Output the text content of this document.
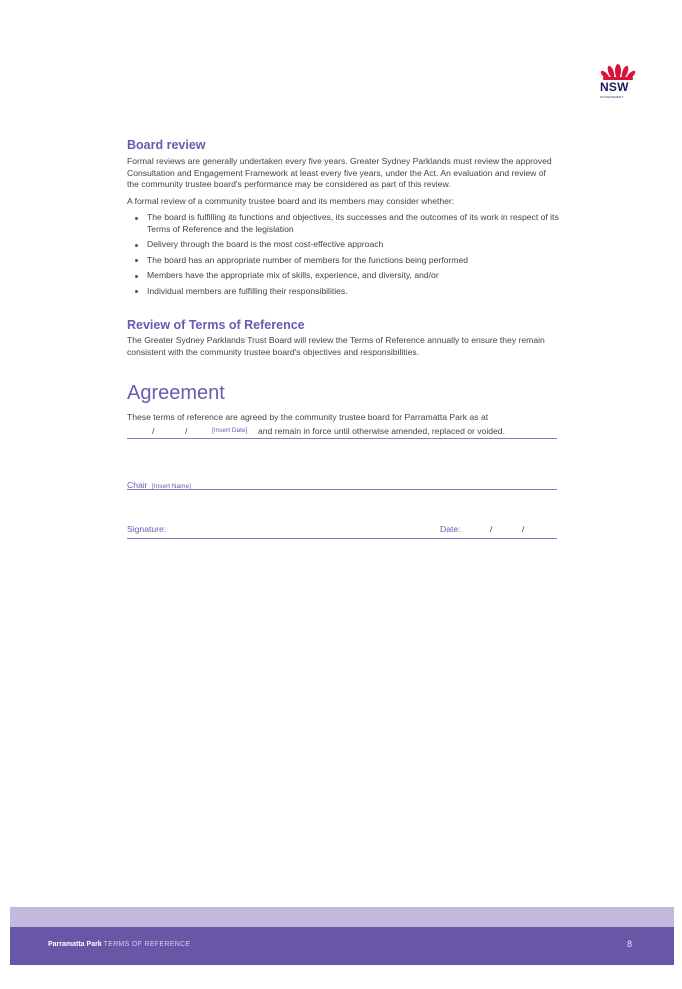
NSW
GOVERNMENT
Board review

Formal reviews are generally undertaken every five years. Greater Sydney Parklands must review the approved Consultation and Engagement Framework at least every five years, under the Act. An evaluation and review of the community trustee board's performance may be considered as part of this review.

A formal review of a community trustee board and its members may consider whether:

The board is fulfilling its functions and objectives, its successes and the outcomes of its work in respect of its Terms of Reference and the legislation
Delivery through the board is the most cost-effective approach
The board has an appropriate number of members for the functions being performed
Members have the appropriate mix of skills, experience, and diversity, and/or
Individual members are fulfilling their responsibilities.
Review of Terms of Reference

The Greater Sydney Parklands Trust Board will review the Terms of Reference annually to ensure they remain consistent with the community trustee board's objectives and responsibilities.

Agreement

These terms of reference are agreed by the community trustee board for Parramatta Park as at

/	/	[Insert Date] and remain in force until otherwise amended, replaced or voided.
Chair [Insert Name]
Signature:	Date:	/	/
Parramatta Park TERMS OF REFERENCE	8
